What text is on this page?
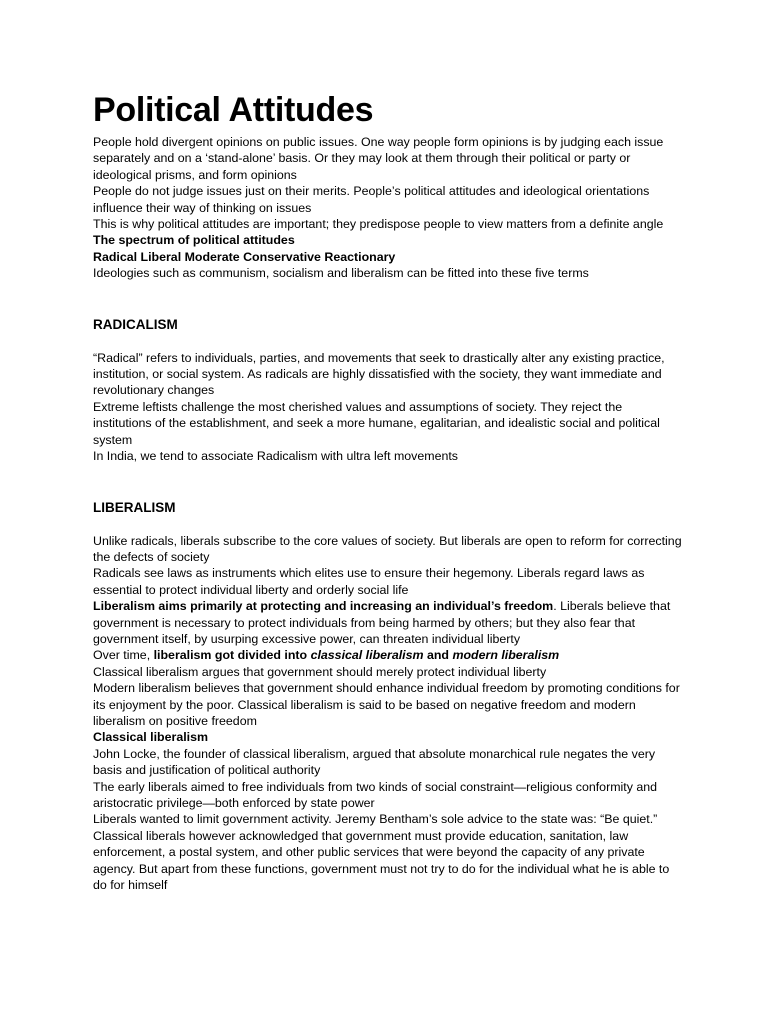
Political Attitudes

People hold divergent opinions on public issues. One way people form opinions is by judging each issue separately and on a ‘stand-alone’ basis. Or they may look at them through their political or party or ideological prisms, and form opinions

People do not judge issues just on their merits. People’s political attitudes and ideological orientations influence their way of thinking on issues

This is why political attitudes are important; they predispose people to view matters from a definite angle

The spectrum of political attitudes

Radical Liberal Moderate Conservative Reactionary

Ideologies such as communism, socialism and liberalism can be fitted into these five terms

RADICALISM

“Radical” refers to individuals, parties, and movements that seek to drastically alter any existing practice, institution, or social system. As radicals are highly dissatisfied with the society, they want immediate and revolutionary changes

Extreme leftists challenge the most cherished values and assumptions of society. They reject the institutions of the establishment, and seek a more humane, egalitarian, and idealistic social and political system

In India, we tend to associate Radicalism with ultra left movements

LIBERALISM

Unlike radicals, liberals subscribe to the core values of society. But liberals are open to reform for correcting the defects of society

Radicals see laws as instruments which elites use to ensure their hegemony. Liberals regard laws as essential to protect individual liberty and orderly social life

Liberalism aims primarily at protecting and increasing an individual’s freedom. Liberals believe that government is necessary to protect individuals from being harmed by others; but they also fear that government itself, by usurping excessive power, can threaten individual liberty

Over time, liberalism got divided into classical liberalism and modern liberalism

Classical liberalism argues that government should merely protect individual liberty

Modern liberalism believes that government should enhance individual freedom by promoting conditions for its enjoyment by the poor. Classical liberalism is said to be based on negative freedom and modern liberalism on positive freedom

Classical liberalism

John Locke, the founder of classical liberalism, argued that absolute monarchical rule negates the very basis and justification of political authority

The early liberals aimed to free individuals from two kinds of social constraint—religious conformity and aristocratic privilege—both enforced by state power

Liberals wanted to limit government activity. Jeremy Bentham’s sole advice to the state was: “Be quiet.” Classical liberals however acknowledged that government must provide education, sanitation, law enforcement, a postal system, and other public services that were beyond the capacity of any private agency. But apart from these functions, government must not try to do for the individual what he is able to do for himself
